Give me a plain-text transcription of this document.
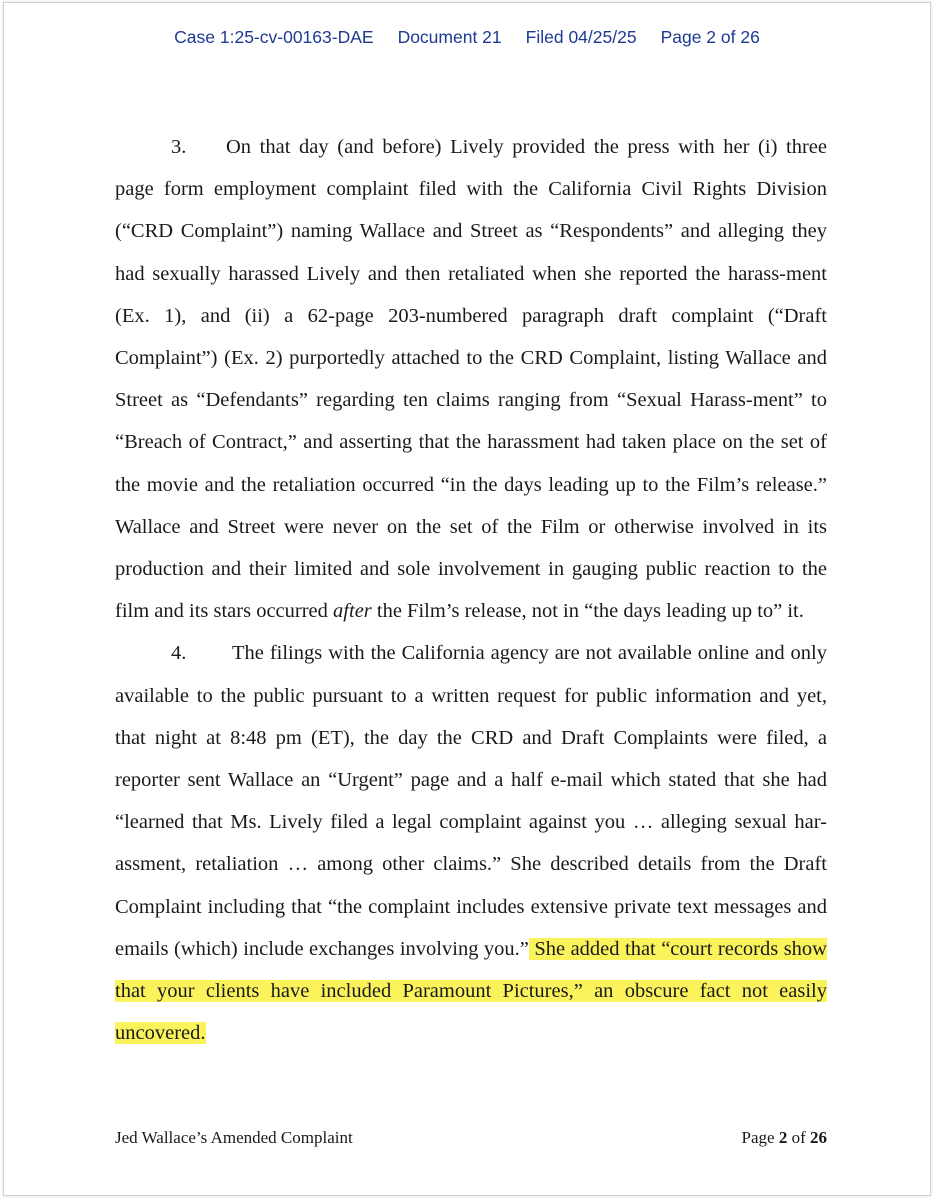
Case 1:25-cv-00163-DAE Document 21 Filed 04/25/25 Page 2 of 26

3. On that day (and before) Lively provided the press with her (i) three page form employment complaint filed with the California Civil Rights Division (“CRD Complaint”) naming Wallace and Street as “Respondents” and alleging they had sexually harassed Lively and then retaliated when she reported the harass-ment (Ex. 1), and (ii) a 62-page 203-numbered paragraph draft complaint (“Draft Complaint”) (Ex. 2) purportedly attached to the CRD Complaint, listing Wallace and Street as “Defendants” regarding ten claims ranging from “Sexual Harass-ment” to “Breach of Contract,” and asserting that the harassment had taken place on the set of the movie and the retaliation occurred “in the days leading up to the Film’s release.” Wallace and Street were never on the set of the Film or otherwise involved in its production and their limited and sole involvement in gauging public reaction to the film and its stars occurred after the Film’s release, not in “the days leading up to” it.

4. The filings with the California agency are not available online and only available to the public pursuant to a written request for public information and yet, that night at 8:48 pm (ET), the day the CRD and Draft Complaints were filed, a reporter sent Wallace an “Urgent” page and a half e-mail which stated that she had “learned that Ms. Lively filed a legal complaint against you … alleging sexual har-assment, retaliation … among other claims.” She described details from the Draft Complaint including that “the complaint includes extensive private text messages and emails (which) include exchanges involving you.” She added that “court records show that your clients have included Paramount Pictures,” an obscure fact not easily uncovered.

Jed Wallace’s Amended Complaint	Page 2 of 26
